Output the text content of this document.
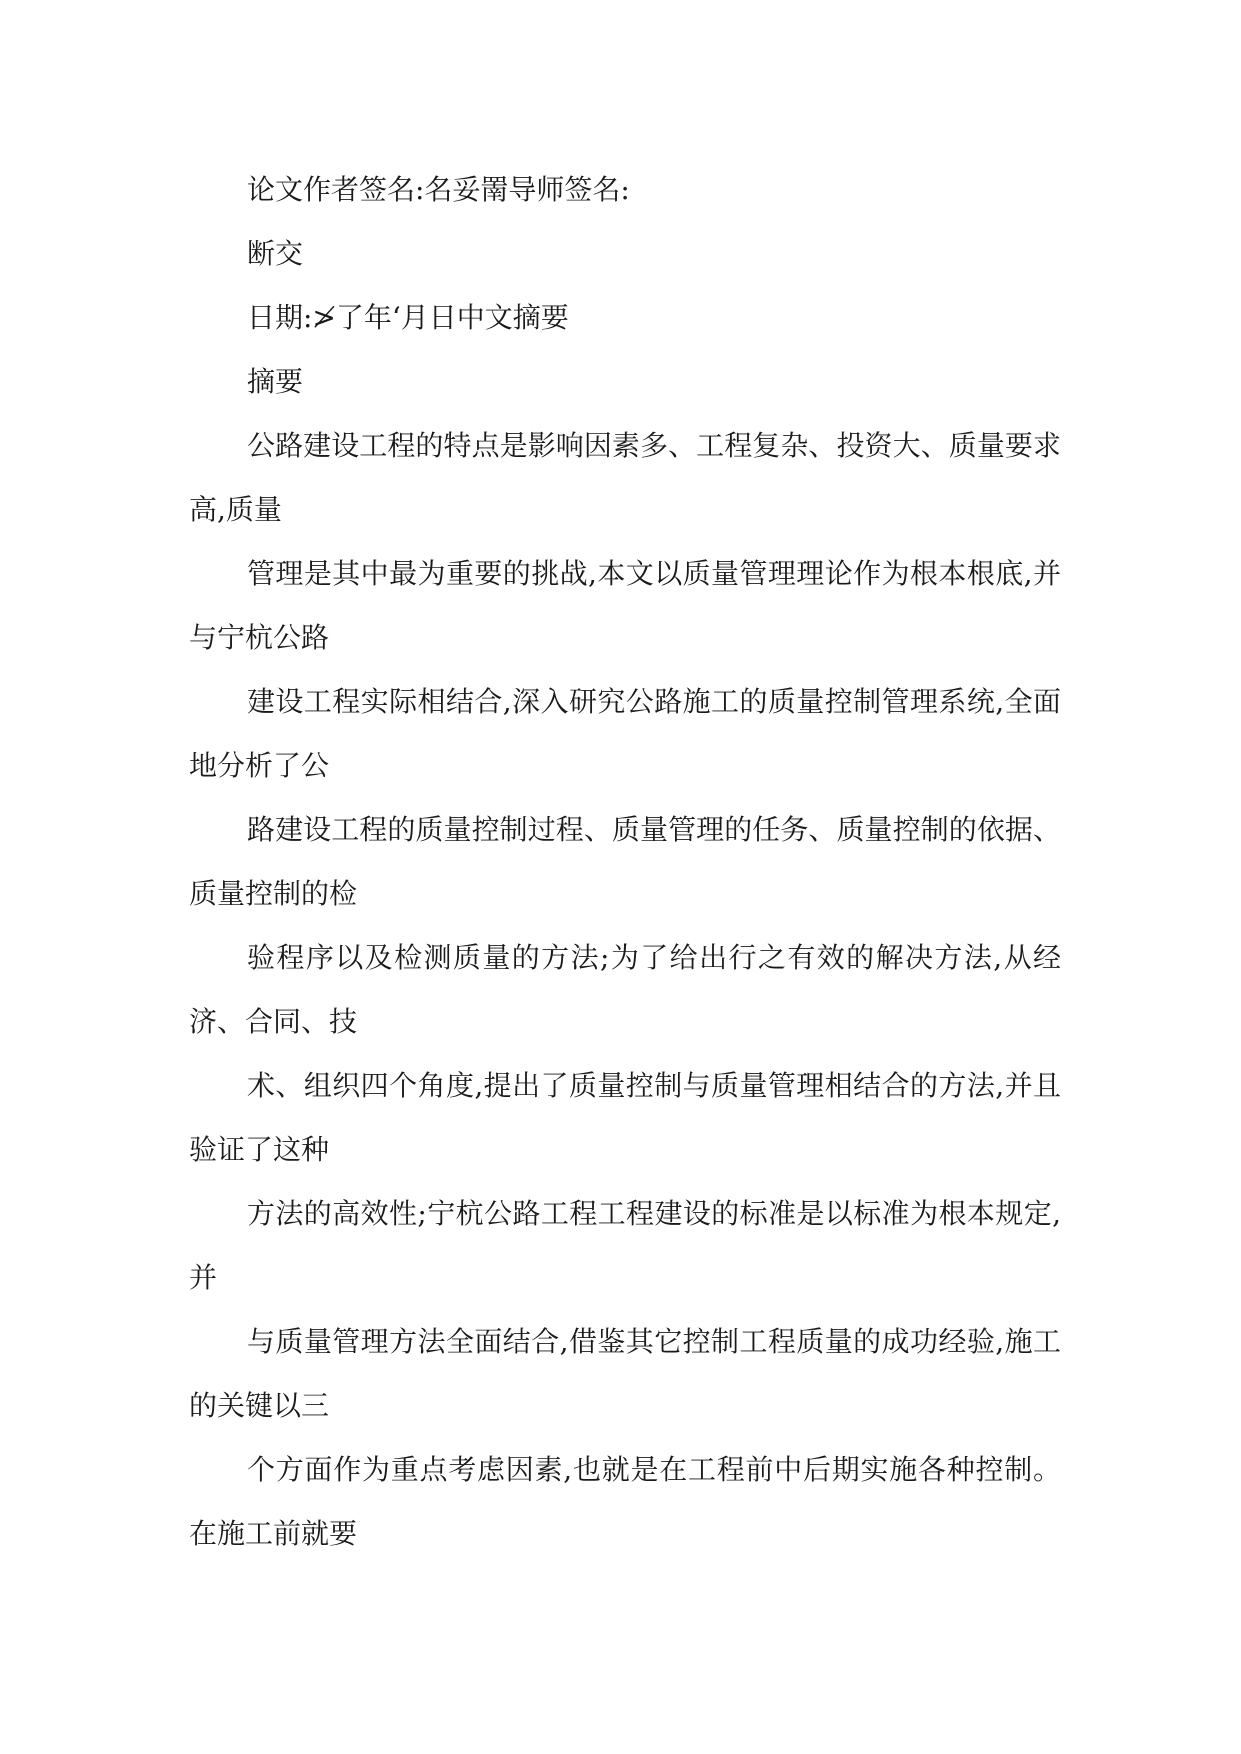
论文作者签名:名妥罱导师签名:

断交

日期:≯了年‘月日中文摘要

摘要

公路建设工程的特点是影响因素多、工程复杂、投资大、质量要求高,质量

管理是其中最为重要的挑战,本文以质量管理理论作为根本根底,并与宁杭公路

建设工程实际相结合,深入研究公路施工的质量控制管理系统,全面地分析了公

路建设工程的质量控制过程、质量管理的任务、质量控制的依据、质量控制的检

验程序以及检测质量的方法;为了给出行之有效的解决方法,从经济、合同、技

术、组织四个角度,提出了质量控制与质量管理相结合的方法,并且验证了这种

方法的高效性;宁杭公路工程工程建设的标准是以标准为根本规定,并

与质量管理方法全面结合,借鉴其它控制工程质量的成功经验,施工的关键以三

个方面作为重点考虑因素,也就是在工程前中后期实施各种控制。在施工前就要
